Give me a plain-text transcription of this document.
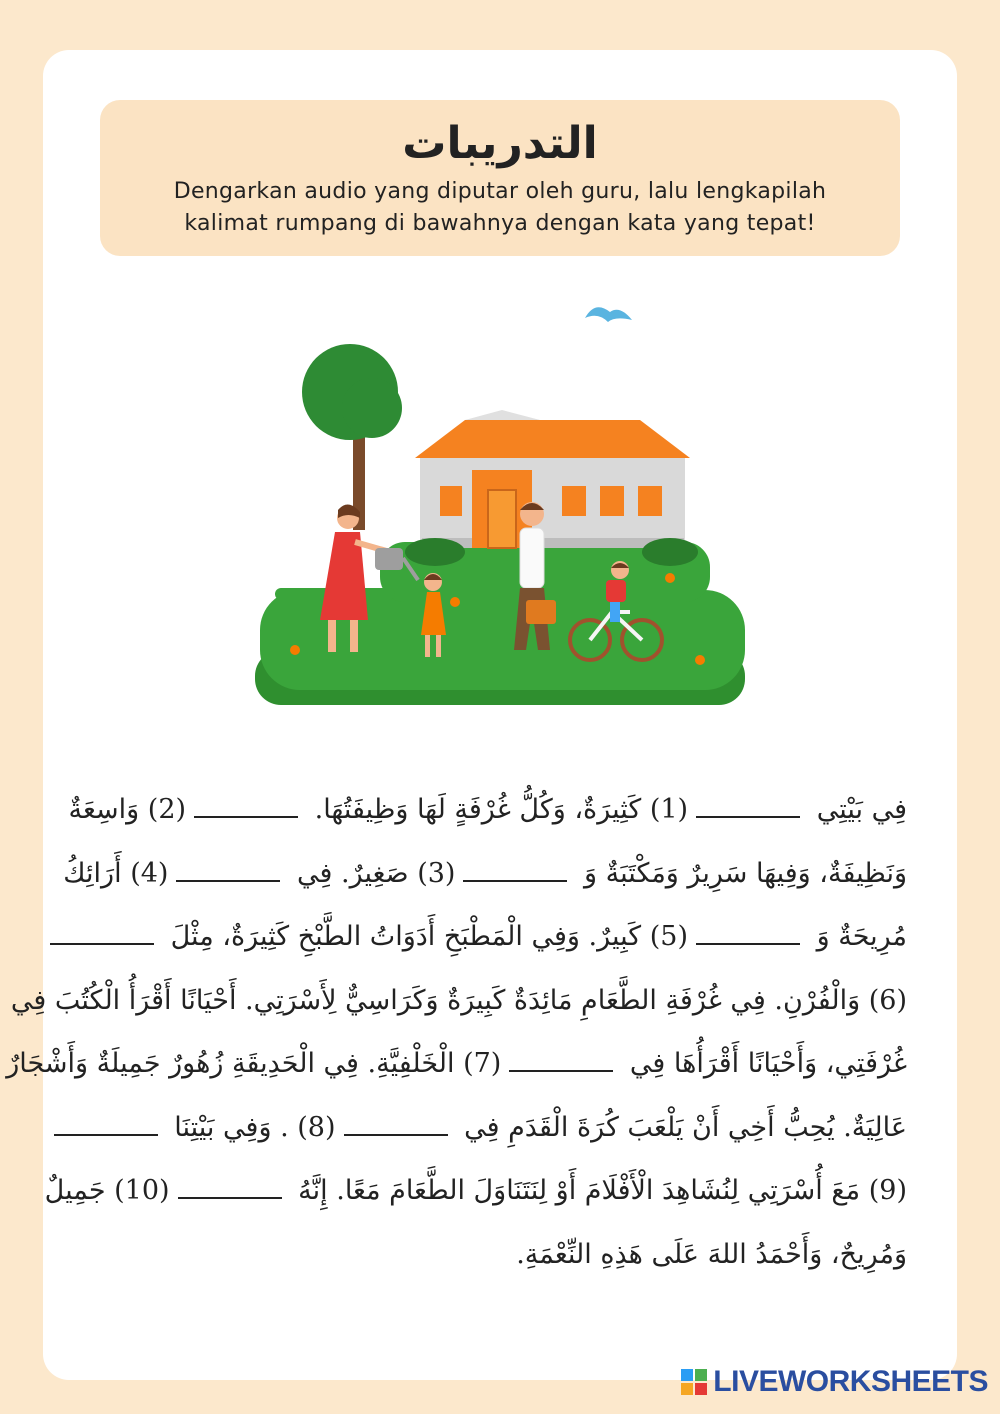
التدريبات
Dengarkan audio yang diputar oleh guru, lalu lengkapilah
kalimat rumpang di bawahnya dengan kata yang tepat!
فِي بَيْتِي (1) كَثِيرَةٌ، وَكُلُّ غُرْفَةٍ لَهَا وَظِيفَتُهَا. (2) وَاسِعَةٌ
وَنَظِيفَةٌ، وَفِيهَا سَرِيرٌ وَمَكْتَبَةٌ وَ (3) صَغِيرٌ. فِي (4) أَرَائِكُ
مُرِيحَةٌ وَ (5) كَبِيرٌ. وَفِي الْمَطْبَخِ أَدَوَاتُ الطَّبْخِ كَثِيرَةٌ، مِثْلَ
(6) وَالْفُرْنِ. فِي غُرْفَةِ الطَّعَامِ مَائِدَةٌ كَبِيرَةٌ وَكَرَاسِيٌّ لِأَسْرَتِي. أَحْيَانًا أَقْرَأُ الْكُتُبَ فِي
غُرْفَتِي، وَأَحْيَانًا أَقْرَأُهَا فِي (7) الْخَلْفِيَّةِ. فِي الْحَدِيقَةِ زُهُورٌ جَمِيلَةٌ وَأَشْجَارٌ
عَالِيَةٌ. يُحِبُّ أَخِي أَنْ يَلْعَبَ كُرَةَ الْقَدَمِ فِي (8) . وَفِي بَيْتِنَا
(9) مَعَ أُسْرَتِي لِنُشَاهِدَ الْأَفْلَامَ أَوْ لِنَتَنَاوَلَ الطَّعَامَ مَعًا. إِنَّهُ (10) جَمِيلٌ
وَمُرِيحٌ، وَأَحْمَدُ اللهَ عَلَى هَذِهِ النِّعْمَةِ.
LIVEWORKSHEETS
